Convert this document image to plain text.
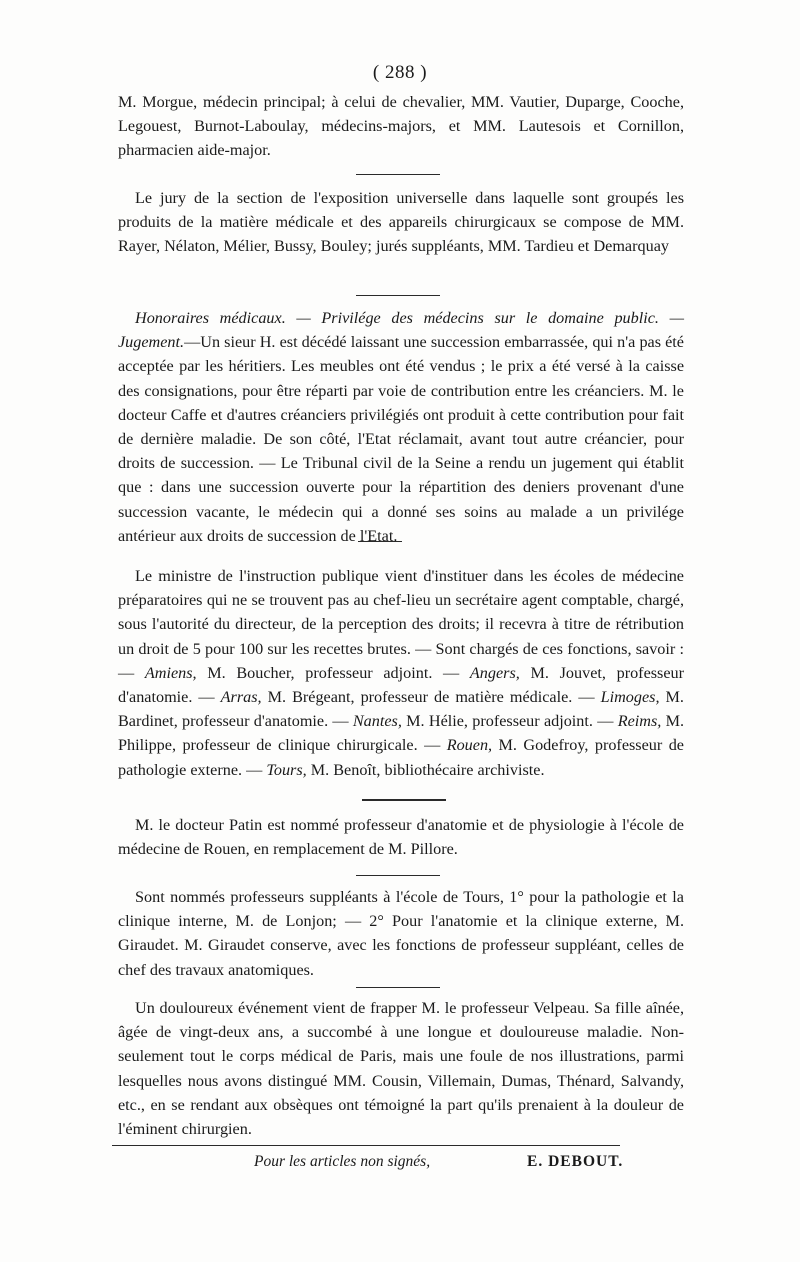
( 288 )

M. Morgue, médecin principal; à celui de chevalier, MM. Vautier, Duparge, Cooche, Legouest, Burnot-Laboulay, médecins-majors, et MM. Lautesois et Cornillon, pharmacien aide-major.

Le jury de la section de l'exposition universelle dans laquelle sont groupés les produits de la matière médicale et des appareils chirurgicaux se compose de MM. Rayer, Nélaton, Mélier, Bussy, Bouley; jurés suppléants, MM. Tardieu et Demarquay

Honoraires médicaux. — Privilége des médecins sur le domaine public. — Jugement.—Un sieur H. est décédé laissant une succession embarrassée, qui n'a pas été acceptée par les héritiers. Les meubles ont été vendus ; le prix a été versé à la caisse des consignations, pour être réparti par voie de contribution entre les créanciers. M. le docteur Caffe et d'autres créanciers privilégiés ont produit à cette contribution pour fait de dernière maladie. De son côté, l'Etat réclamait, avant tout autre créancier, pour droits de succession. — Le Tribunal civil de la Seine a rendu un jugement qui établit que : dans une succession ouverte pour la répartition des deniers provenant d'une succession vacante, le médecin qui a donné ses soins au malade a un privilége antérieur aux droits de succession de l'Etat.

Le ministre de l'instruction publique vient d'instituer dans les écoles de médecine préparatoires qui ne se trouvent pas au chef-lieu un secrétaire agent comptable, chargé, sous l'autorité du directeur, de la perception des droits; il recevra à titre de rétribution un droit de 5 pour 100 sur les recettes brutes. — Sont chargés de ces fonctions, savoir : — Amiens, M. Boucher, professeur adjoint. — Angers, M. Jouvet, professeur d'anatomie. — Arras, M. Brégeant, professeur de matière médicale. — Limoges, M. Bardinet, professeur d'anatomie. — Nantes, M. Hélie, professeur adjoint. — Reims, M. Philippe, professeur de clinique chirurgicale. — Rouen, M. Godefroy, professeur de pathologie externe. — Tours, M. Benoît, bibliothécaire archiviste.

M. le docteur Patin est nommé professeur d'anatomie et de physiologie à l'école de médecine de Rouen, en remplacement de M. Pillore.

Sont nommés professeurs suppléants à l'école de Tours, 1° pour la pathologie et la clinique interne, M. de Lonjon; — 2° Pour l'anatomie et la clinique externe, M. Giraudet. M. Giraudet conserve, avec les fonctions de professeur suppléant, celles de chef des travaux anatomiques.

Un douloureux événement vient de frapper M. le professeur Velpeau. Sa fille aînée, âgée de vingt-deux ans, a succombé à une longue et douloureuse maladie. Non-seulement tout le corps médical de Paris, mais une foule de nos illustrations, parmi lesquelles nous avons distingué MM. Cousin, Villemain, Dumas, Thénard, Salvandy, etc., en se rendant aux obsèques ont témoigné la part qu'ils prenaient à la douleur de l'éminent chirurgien.

Pour les articles non signés,	E. DEBOUT.
